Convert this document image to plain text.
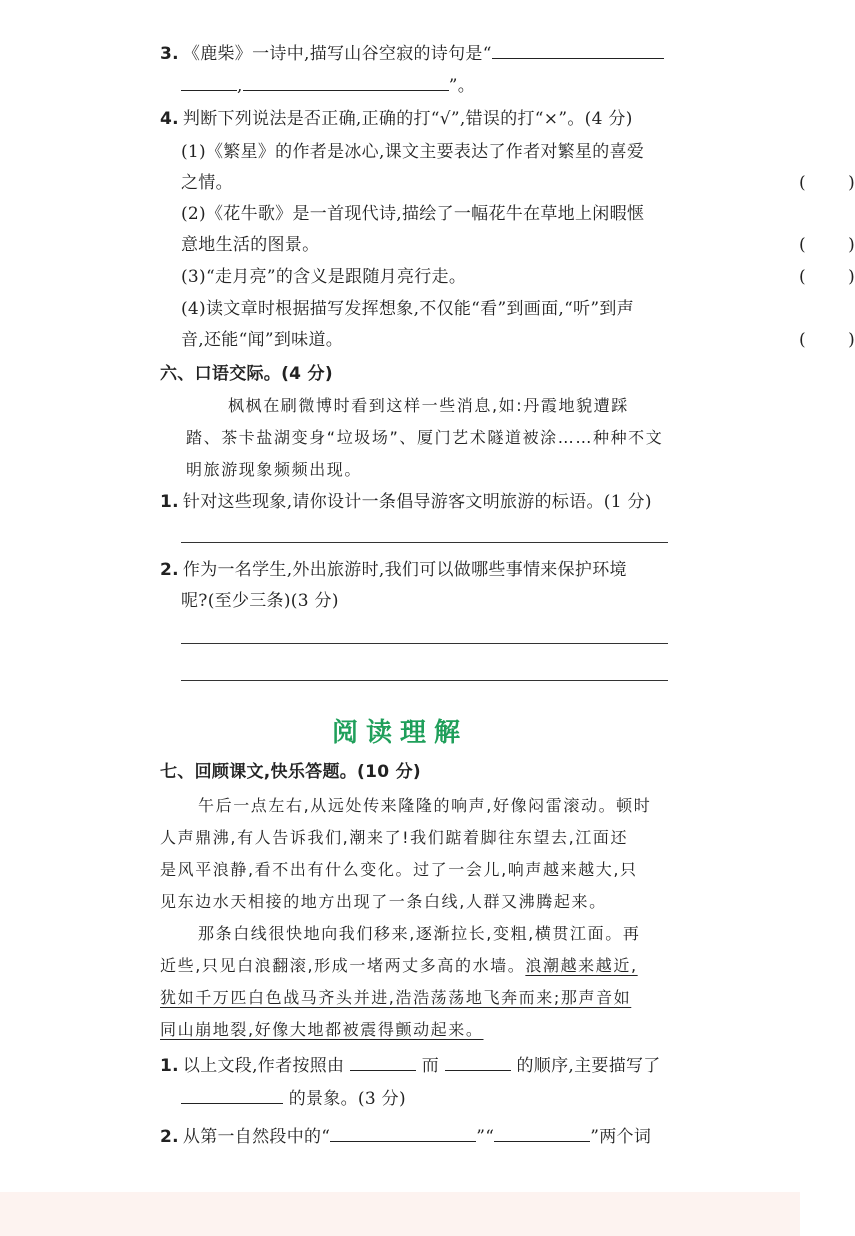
3. 《鹿柴》一诗中,描写山谷空寂的诗句是“
,	”。
4. 判断下列说法是否正确,正确的打“√”,错误的打“×”。(4 分)
(1)《繁星》的作者是冰心,课文主要表达了作者对繁星的喜爱
之情。	( )
(2)《花牛歌》是一首现代诗,描绘了一幅花牛在草地上闲暇惬
意地生活的图景。	( )
(3)“走月亮”的含义是跟随月亮行走。	( )
(4)读文章时根据描写发挥想象,不仅能“看”到画面,“听”到声
音,还能“闻”到味道。	( )
六、口语交际。(4 分)
枫枫在刷微博时看到这样一些消息,如:丹霞地貌遭踩
踏、茶卡盐湖变身“垃圾场”、厦门艺术隧道被涂……种种不文
明旅游现象频频出现。
1. 针对这些现象,请你设计一条倡导游客文明旅游的标语。(1 分)
2. 作为一名学生,外出旅游时,我们可以做哪些事情来保护环境
呢?(至少三条)(3 分)
阅读理解
七、回顾课文,快乐答题。(10 分)
午后一点左右,从远处传来隆隆的响声,好像闷雷滚动。顿时
人声鼎沸,有人告诉我们,潮来了!我们踮着脚往东望去,江面还
是风平浪静,看不出有什么变化。过了一会儿,响声越来越大,只
见东边水天相接的地方出现了一条白线,人群又沸腾起来。
那条白线很快地向我们移来,逐渐拉长,变粗,横贯江面。再
近些,只见白浪翻滚,形成一堵两丈多高的水墙。浪潮越来越近,
犹如千万匹白色战马齐头并进,浩浩荡荡地飞奔而来;那声音如
同山崩地裂,好像大地都被震得颤动起来。
1. 以上文段,作者按照由	而	的顺序,主要描写了
的景象。(3 分)
2. 从第一自然段中的“	”“	”两个词
